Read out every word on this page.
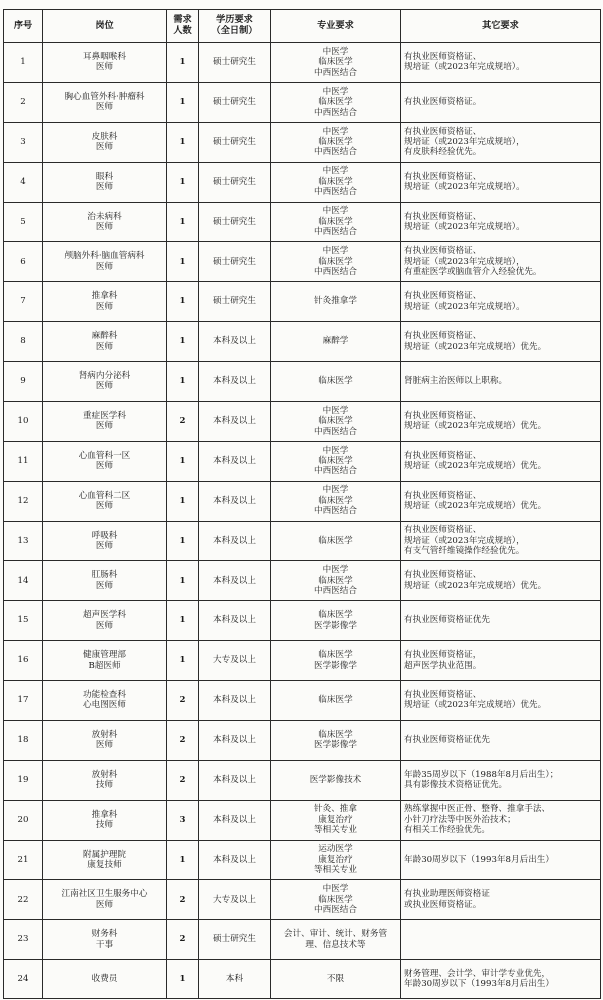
序号	岗位	需求
人数	学历要求
（全日制）	专业要求	其它要求

1	耳鼻咽喉科
医师	1	硕士研究生	中医学
临床医学
中西医结合	有执业医师资格证、
规培证（或2023年完成规培）。

2	胸心血管外科·肿瘤科
医师	1	硕士研究生	中医学
临床医学
中西医结合	有执业医师资格证。

3	皮肤科
医师	1	硕士研究生	中医学
临床医学
中西医结合	有执业医师资格证、
规培证（或2023年完成规培），
有皮肤科经验优先。

4	眼科
医师	1	硕士研究生	中医学
临床医学
中西医结合	有执业医师资格证、
规培证（或2023年完成规培）。

5	治未病科
医师	1	硕士研究生	中医学
临床医学
中西医结合	有执业医师资格证、
规培证（或2023年完成规培）。

6	颅脑外科·脑血管病科
医师	1	硕士研究生	中医学
临床医学
中西医结合	有执业医师资格证、
规培证（或2023年完成规培），
有重症医学或脑血管介入经验优先。

7	推拿科
医师	1	硕士研究生	针灸推拿学	有执业医师资格证、
规培证（或2023年完成规培）。

8	麻醉科
医师	1	本科及以上	麻醉学	有执业医师资格证、
规培证（或2023年完成规培）优先。

9	肾病内分泌科
医师	1	本科及以上	临床医学	肾脏病主治医师以上职称。

10	重症医学科
医师	2	本科及以上	中医学
临床医学
中西医结合	有执业医师资格证、
规培证（或2023年完成规培）优先。

11	心血管科一区
医师	1	本科及以上	中医学
临床医学
中西医结合	有执业医师资格证、
规培证（或2023年完成规培）优先。

12	心血管科二区
医师	1	本科及以上	中医学
临床医学
中西医结合	有执业医师资格证、
规培证（或2023年完成规培）优先。

13	呼吸科
医师	1	本科及以上	临床医学	有执业医师资格证、
规培证（或2023年完成规培），
有支气管纤维镜操作经验优先。

14	肛肠科
医师	1	本科及以上	中医学
临床医学
中西医结合	有执业医师资格证、
规培证（或2023年完成规培）优先。

15	超声医学科
医师	1	本科及以上	临床医学
医学影像学	有执业医师资格证优先

16	健康管理部
B超医师	1	大专及以上	临床医学
医学影像学	有执业医师资格证，
超声医学执业范围。

17	功能检查科
心电图医师	2	本科及以上	临床医学	有执业医师资格证、
规培证（或2023年完成规培）优先。

18	放射科
医师	2	本科及以上	临床医学
医学影像学	有执业医师资格证优先

19	放射科
技师	2	本科及以上	医学影像技术	年龄35周岁以下（1988年8月后出生）；
具有影像技术资格证优先。

20	推拿科
技师	3	本科及以上	针灸、推拿
康复治疗
等相关专业	熟练掌握中医正骨、整脊、推拿手法、
小针刀疗法等中医外治技术；
有相关工作经验优先。

21	附属护理院
康复技师	1	本科及以上	运动医学
康复治疗
等相关专业	年龄30周岁以下（1993年8月后出生）

22	江南社区卫生服务中心
医师	2	大专及以上	中医学
临床医学
中西医结合	有执业助理医师资格证
或执业医师资格证。

23	财务科
干事	2	硕士研究生	会计、审计、统计、财务管
理、信息技术等	

24	收费员	1	本科	不限	财务管理、会计学、审计学专业优先，
年龄30周岁以下（1993年8月后出生）
